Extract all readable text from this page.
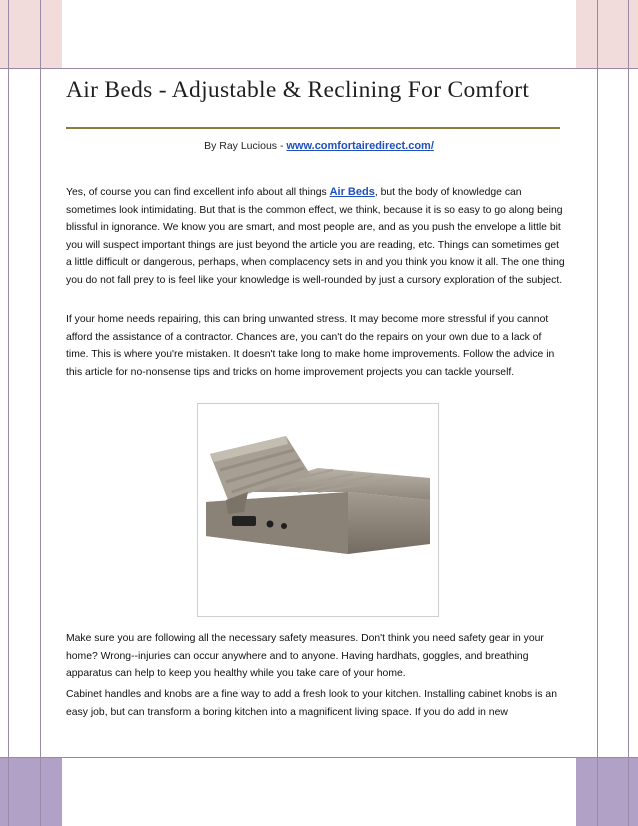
Air Beds - Adjustable & Reclining For Comfort
By Ray Lucious - www.comfortairedirect.com/

Yes, of course you can find excellent info about all things Air Beds, but the body of knowledge can sometimes look intimidating. But that is the common effect, we think, because it is so easy to go along being blissful in ignorance. We know you are smart, and most people are, and as you push the envelope a little bit you will suspect important things are just beyond the article you are reading, etc. Things can sometimes get a little difficult or dangerous, perhaps, when complacency sets in and you think you know it all. The one thing you do not fall prey to is feel like your knowledge is well-rounded by just a cursory exploration of the subject.

If your home needs repairing, this can bring unwanted stress. It may become more stressful if you cannot afford the assistance of a contractor. Chances are, you can't do the repairs on your own due to a lack of time. This is where you're mistaken. It doesn't take long to make home improvements. Follow the advice in this article for no-nonsense tips and tricks on home improvement projects you can tackle yourself.

Make sure you are following all the necessary safety measures. Don't think you need safety gear in your home? Wrong--injuries can occur anywhere and to anyone. Having hardhats, goggles, and breathing apparatus can help to keep you healthy while you take care of your home.

Cabinet handles and knobs are a fine way to add a fresh look to your kitchen. Installing cabinet knobs is an easy job, but can transform a boring kitchen into a magnificent living space. If you do add in new
